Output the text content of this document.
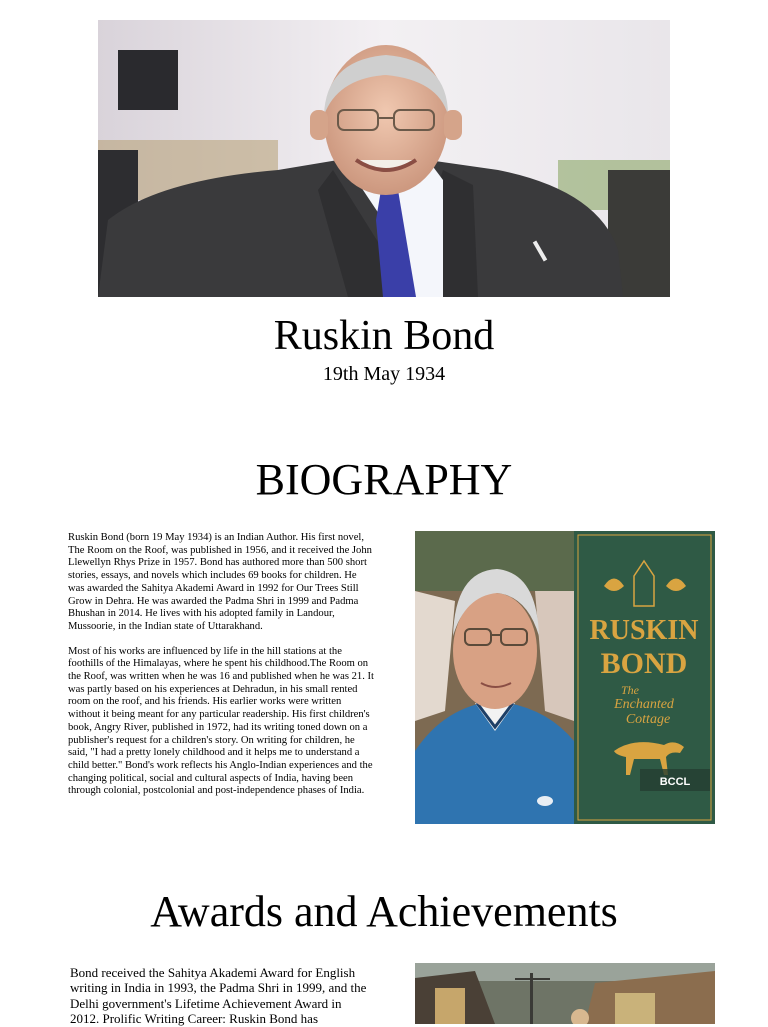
Ruskin Bond
19th May 1934
BIOGRAPHY

Ruskin Bond (born 19 May 1934) is an Indian Author. His first novel, The Room on the Roof, was published in 1956, and it received the John Llewellyn Rhys Prize in 1957. Bond has authored more than 500 short stories, essays, and novels which includes 69 books for children. He was awarded the Sahitya Akademi Award in 1992 for Our Trees Still Grow in Dehra. He was awarded the Padma Shri in 1999 and Padma Bhushan in 2014. He lives with his adopted family in Landour, Mussoorie, in the Indian state of Uttarakhand.

Most of his works are influenced by life in the hill stations at the foothills of the Himalayas, where he spent his childhood.The Room on the Roof, was written when he was 16 and published when he was 21. It was partly based on his experiences at Dehradun, in his small rented room on the roof, and his friends. His earlier works were written without it being meant for any particular readership. His first children's book, Angry River, published in 1972, had its writing toned down on a publisher's request for a children's story. On writing for children, he said, "I had a pretty lonely childhood and it helps me to understand a child better." Bond's work reflects his Anglo-Indian experiences and the changing political, social and cultural aspects of India, having been through colonial, postcolonial and post-independence phases of India.

RUSKIN
BOND
The
Enchanted
Cottage
BCCL
Awards and Achievements
Bond received the Sahitya Akademi Award for English writing in India in 1993, the Padma Shri in 1999, and the Delhi government's Lifetime Achievement Award in 2012. Prolific Writing Career: Ruskin Bond has
